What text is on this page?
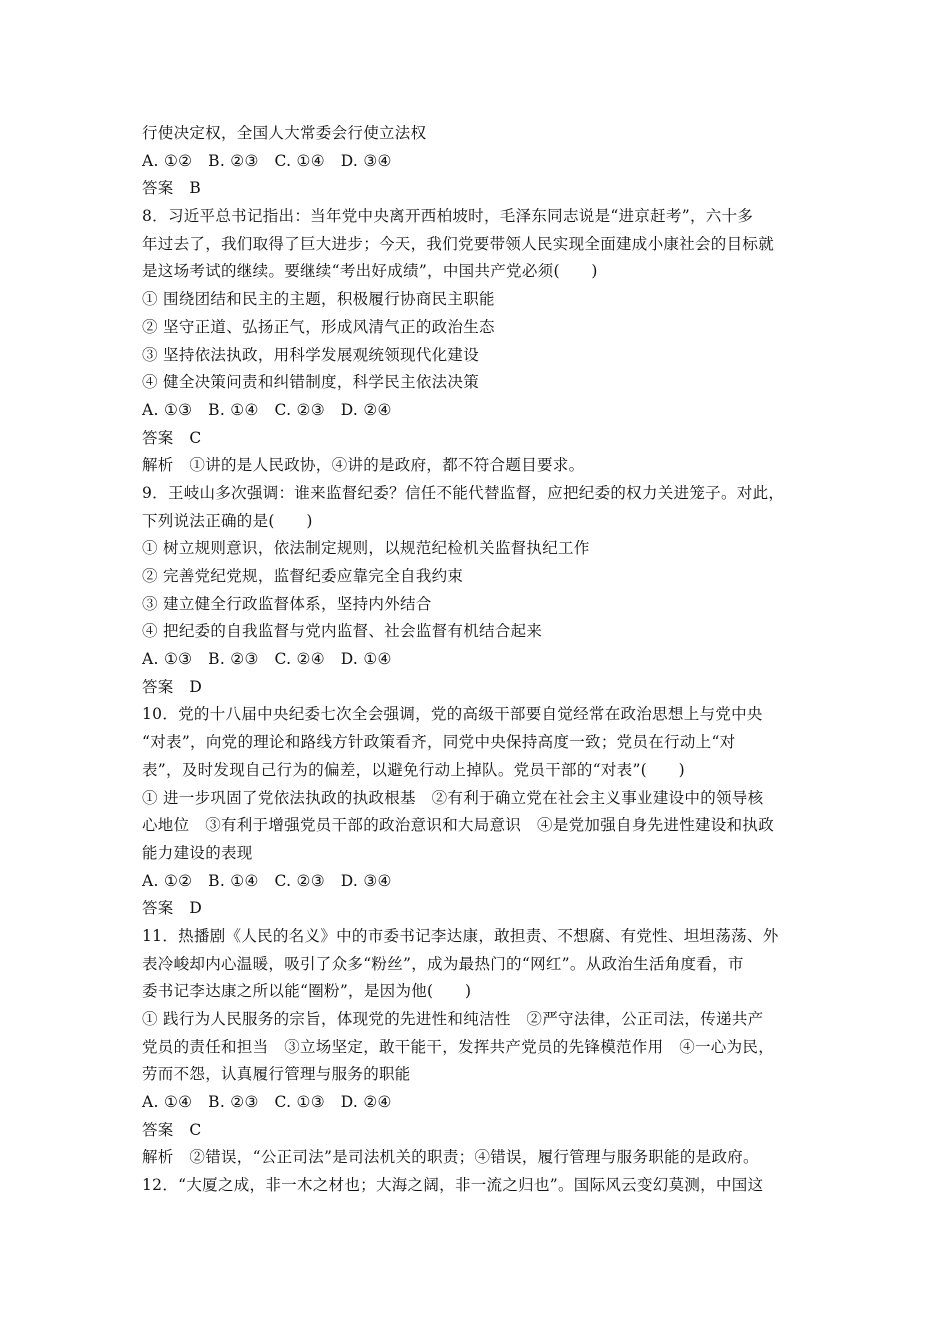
行使决定权，全国人大常委会行使立法权
A. ①②　B. ②③　C. ①④　D. ③④
答案　B
8．习近平总书记指出：当年党中央离开西柏坡时，毛泽东同志说是“进京赶考”，六十多
年过去了，我们取得了巨大进步；今天，我们党要带领人民实现全面建成小康社会的目标就
是这场考试的继续。要继续“考出好成绩”，中国共产党必须(　　)
① 围绕团结和民主的主题，积极履行协商民主职能
② 坚守正道、弘扬正气，形成风清气正的政治生态
③ 坚持依法执政，用科学发展观统领现代化建设
④ 健全决策问责和纠错制度，科学民主依法决策
A. ①③　B. ①④　C. ②③　D. ②④
答案　C
解析　①讲的是人民政协，④讲的是政府，都不符合题目要求。
9．王岐山多次强调：谁来监督纪委？信任不能代替监督，应把纪委的权力关进笼子。对此，
下列说法正确的是(　　)
① 树立规则意识，依法制定规则，以规范纪检机关监督执纪工作
② 完善党纪党规，监督纪委应靠完全自我约束
③ 建立健全行政监督体系，坚持内外结合
④ 把纪委的自我监督与党内监督、社会监督有机结合起来
A. ①③　B. ②③　C. ②④　D. ①④
答案　D
10．党的十八届中央纪委七次全会强调，党的高级干部要自觉经常在政治思想上与党中央
“对表”，向党的理论和路线方针政策看齐，同党中央保持高度一致；党员在行动上“对
表”，及时发现自己行为的偏差，以避免行动上掉队。党员干部的“对表”(　　)
① 进一步巩固了党依法执政的执政根基　②有利于确立党在社会主义事业建设中的领导核
心地位　③有利于增强党员干部的政治意识和大局意识　④是党加强自身先进性建设和执政
能力建设的表现
A. ①②　B. ①④　C. ②③　D. ③④
答案　D
11．热播剧《人民的名义》中的市委书记李达康，敢担责、不想腐、有党性、坦坦荡荡、外
表冷峻却内心温暖，吸引了众多“粉丝”，成为最热门的“网红”。从政治生活角度看，市
委书记李达康之所以能“圈粉”，是因为他(　　)
① 践行为人民服务的宗旨，体现党的先进性和纯洁性　②严守法律，公正司法，传递共产
党员的责任和担当　③立场坚定，敢干能干，发挥共产党员的先锋模范作用　④一心为民，
劳而不怨，认真履行管理与服务的职能
A. ①④　B. ②③　C. ①③　D. ②④
答案　C
解析　②错误，“公正司法”是司法机关的职责；④错误，履行管理与服务职能的是政府。
12．“大厦之成，非一木之材也；大海之阔，非一流之归也”。国际风云变幻莫测，中国这
